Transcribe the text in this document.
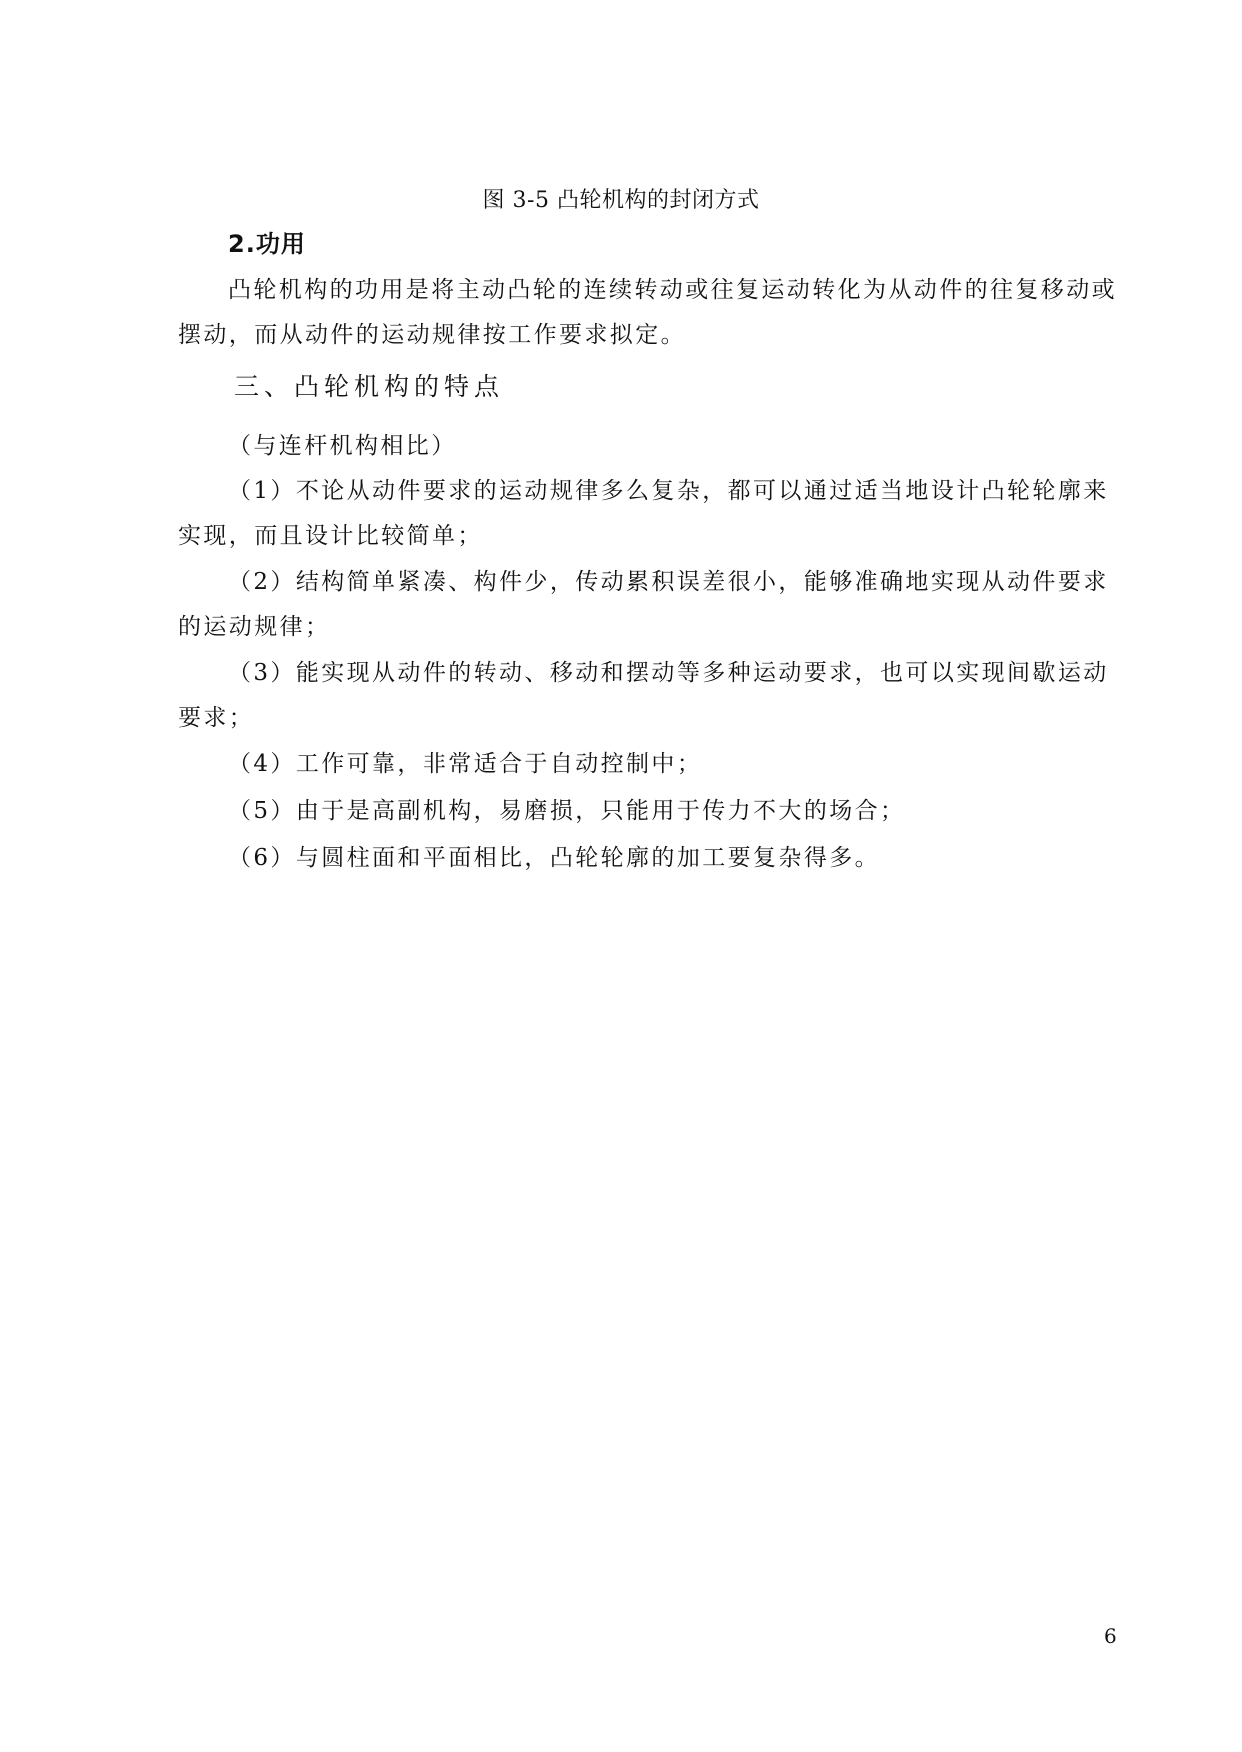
图 3-5 凸轮机构的封闭方式
2.功用

凸轮机构的功用是将主动凸轮的连续转动或往复运动转化为从动件的往复移动或摆动，而从动件的运动规律按工作要求拟定。

三、凸轮机构的特点

（与连杆机构相比）

（1）不论从动件要求的运动规律多么复杂，都可以通过适当地设计凸轮轮廓来实现，而且设计比较简单；

（2）结构简单紧凑、构件少，传动累积误差很小，能够准确地实现从动件要求的运动规律；

（3）能实现从动件的转动、移动和摆动等多种运动要求，也可以实现间歇运动要求；

（4）工作可靠，非常适合于自动控制中；

（5）由于是高副机构，易磨损，只能用于传力不大的场合；

（6）与圆柱面和平面相比，凸轮轮廓的加工要复杂得多。

6
